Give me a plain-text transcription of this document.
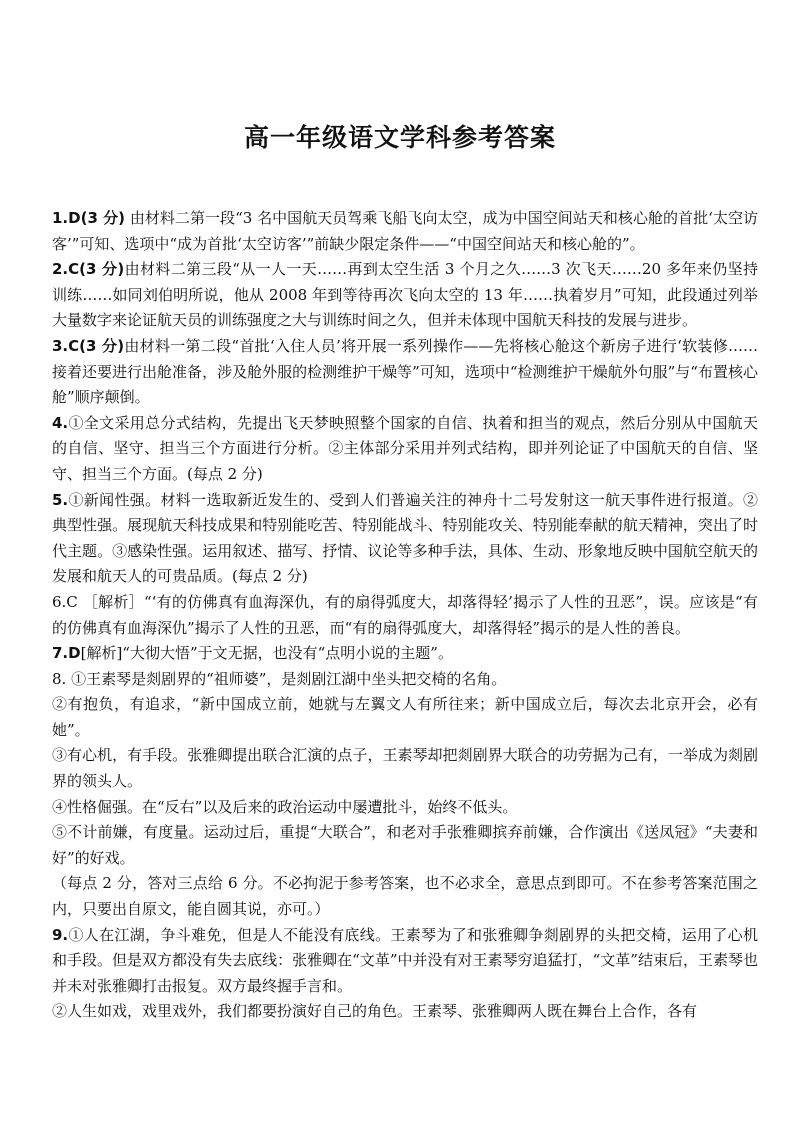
高一年级语文学科参考答案

1.D(3 分) 由材料二第一段“3 名中国航天员驾乘飞船飞向太空，成为中国空间站天和核心舱的首批‘太空访客’”可知、选项中“成为首批‘太空访客’”前缺少限定条件——“中国空间站天和核心舱的”。

2.C(3 分)由材料二第三段“从一人一天……再到太空生活 3 个月之久……3 次飞天……20 多年来仍坚持训练……如同刘伯明所说，他从 2008 年到等待再次飞向太空的 13 年……执着岁月”可知，此段通过列举大量数字来论证航天员的训练强度之大与训练时间之久，但并未体现中国航天科技的发展与进步。

3.C(3 分)由材料一第二段“首批‘入住人员’将开展一系列操作——先将核心舱这个新房子进行‘软装修……接着还要进行出舱准备，涉及舱外服的检测维护干燥等”可知，选项中“检测维护干燥航外句服”与“布置核心舱”顺序颠倒。

4.①全文采用总分式结构，先提出飞天梦映照整个国家的自信、执着和担当的观点，然后分别从中国航天的自信、坚守、担当三个方面进行分析。②主体部分采用并列式结构，即并列论证了中国航天的自信、坚守、担当三个方面。(每点 2 分)

5.①新闻性强。材料一选取新近发生的、受到人们普遍关注的神舟十二号发射这一航天事件进行报道。②典型性强。展现航天科技成果和特别能吃苦、特别能战斗、特别能攻关、特别能奉献的航天精神，突出了时代主题。③感染性强。运用叙述、描写、抒情、议论等多种手法，具体、生动、形象地反映中国航空航天的发展和航天人的可贵品质。(每点 2 分)

6.C ［解析］“‘有的仿佛真有血海深仇，有的扇得弧度大，却落得轻’揭示了人性的丑恶”，误。应该是“有的仿佛真有血海深仇”揭示了人性的丑恶，而“有的扇得弧度大，却落得轻”揭示的是人性的善良。

7.D[解析]“大彻大悟”于文无据，也没有“点明小说的主题”。

8. ①王素琴是剡剧界的“祖师婆”，是剡剧江湖中坐头把交椅的名角。

②有抱负，有追求，“新中国成立前，她就与左翼文人有所往来；新中国成立后，每次去北京开会，必有她”。

③有心机，有手段。张雅卿提出联合汇演的点子，王素琴却把剡剧界大联合的功劳据为己有，一举成为剡剧界的领头人。

④性格倔强。在“反右”以及后来的政治运动中屡遭批斗，始终不低头。

⑤不计前嫌，有度量。运动过后，重提“大联合”，和老对手张雅卿摈弃前嫌，合作演出《送凤冠》“夫妻和好”的好戏。

（每点 2 分，答对三点给 6 分。不必拘泥于参考答案，也不必求全，意思点到即可。不在参考答案范围之内，只要出自原文，能自圆其说，亦可。）

9.①人在江湖，争斗难免，但是人不能没有底线。王素琴为了和张雅卿争剡剧界的头把交椅，运用了心机和手段。但是双方都没有失去底线：张雅卿在“文革”中并没有对王素琴穷追猛打，“文革”结束后，王素琴也并未对张雅卿打击报复。双方最终握手言和。

②人生如戏，戏里戏外，我们都要扮演好自己的角色。王素琴、张雅卿两人既在舞台上合作，各有
